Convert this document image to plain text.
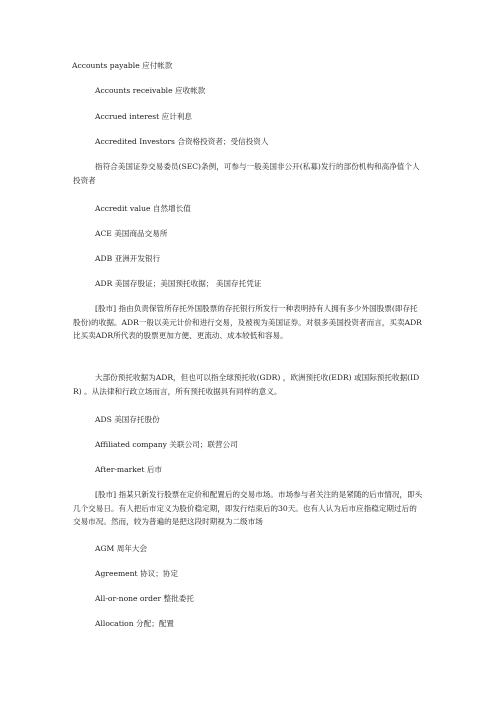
Accounts payable 应付帐款
Accounts receivable 应收帐款
Accrued interest 应计利息
Accredited Investors 合资格投资者；受信投资人

指符合美国证券交易委员(SEC)条例，可参与一般美国非公开(私募)发行的部份机构和高净值个人投资者

Accredit value 自然增长值
ACE 美国商品交易所
ADB 亚洲开发银行
ADR 美国存股证；美国预托收据； 美国存托凭证

[股市] 指由负责保管所存托外国股票的存托银行所发行一种表明持有人拥有多少外国股票(即存托股份)的收据。ADR一般以美元计价和进行交易，及被视为美国证券。对很多美国投资者而言，买卖ADR比买卖ADR所代表的股票更加方便、更流动、成本较低和容易。

大部份预托收据为ADR，但也可以指全球预托收(GDR) ，欧洲预托收(EDR) 或国际预托收据(IDR) 。从法律和行政立场而言，所有预托收据具有同样的意义。

ADS 美国存托股份
Affiliated company 关联公司；联营公司
After-market 后市

[股市] 指某只新发行股票在定价和配置后的交易市场。市场参与者关注的是紧随的后市情况，即头几个交易日。有人把后市定义为股价稳定期，即发行结束后的30天。也有人认为后市应指稳定期过后的交易市况。然而，较为普遍的是把这段时期视为二级市场

AGM 周年大会
Agreement 协议；协定
All-or-none order 整批委托
Allocation 分配；配置
